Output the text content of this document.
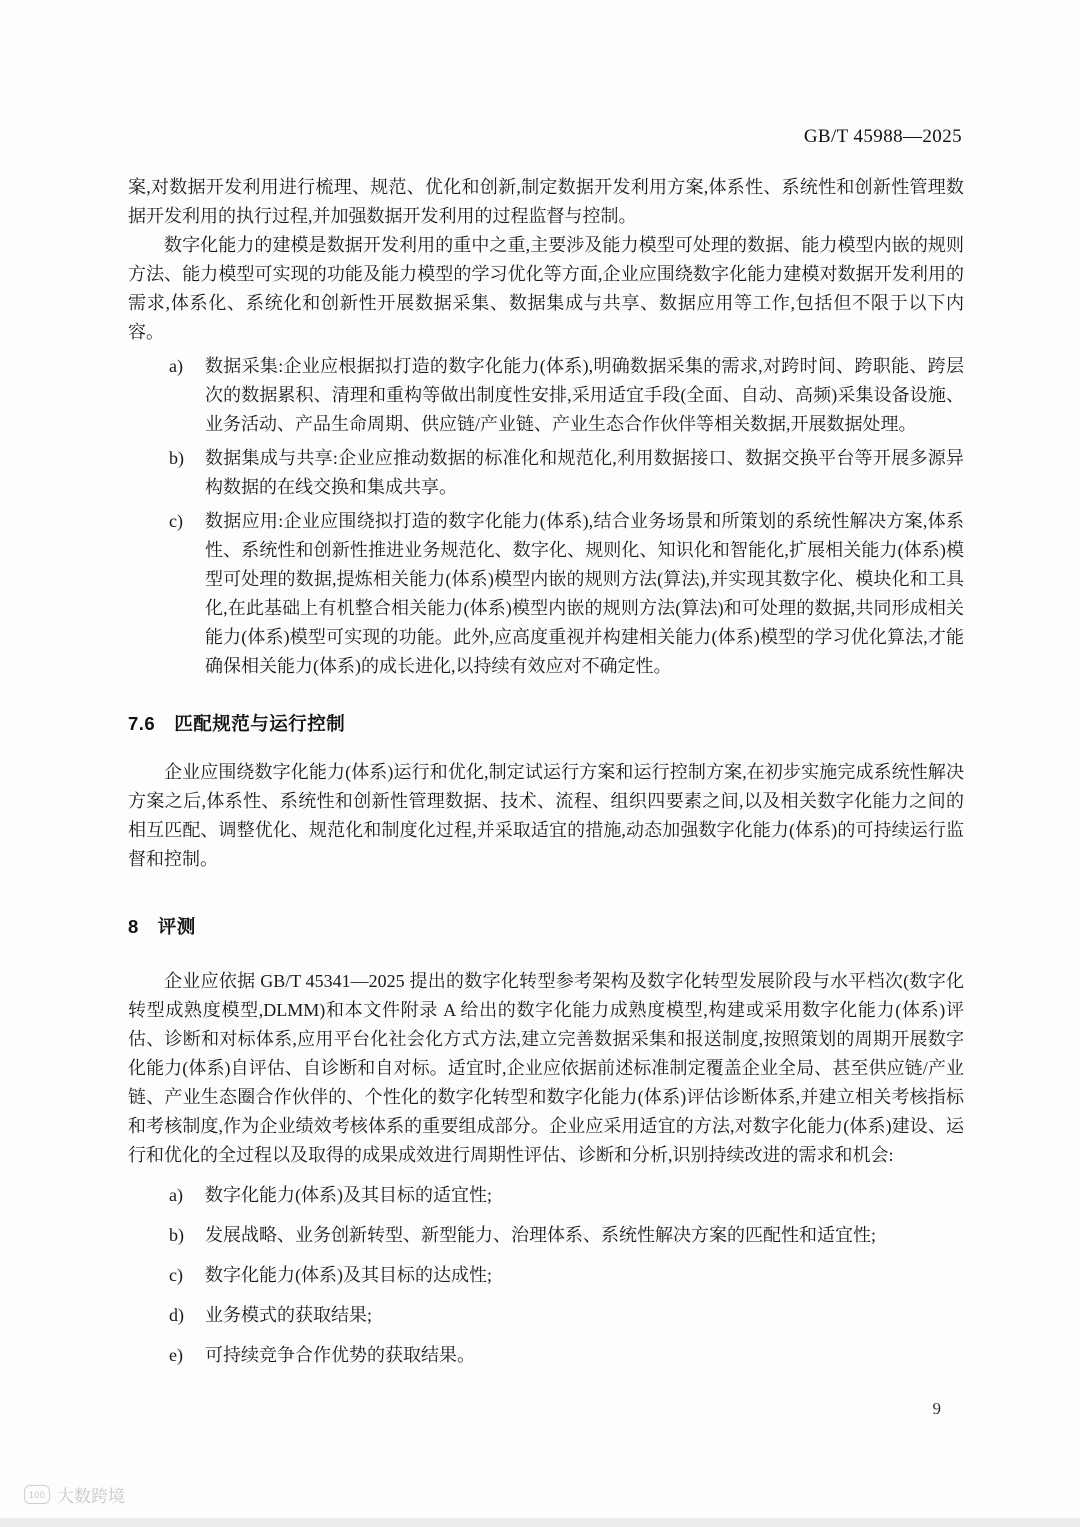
GB/T 45988—2025

案,对数据开发利用进行梳理、规范、优化和创新,制定数据开发利用方案,体系性、系统性和创新性管理数据开发利用的执行过程,并加强数据开发利用的过程监督与控制。

数字化能力的建模是数据开发利用的重中之重,主要涉及能力模型可处理的数据、能力模型内嵌的规则方法、能力模型可实现的功能及能力模型的学习优化等方面,企业应围绕数字化能力建模对数据开发利用的需求,体系化、系统化和创新性开展数据采集、数据集成与共享、数据应用等工作,包括但不限于以下内容。

a)	数据采集:企业应根据拟打造的数字化能力(体系),明确数据采集的需求,对跨时间、跨职能、跨层次的数据累积、清理和重构等做出制度性安排,采用适宜手段(全面、自动、高频)采集设备设施、业务活动、产品生命周期、供应链/产业链、产业生态合作伙伴等相关数据,开展数据处理。
b)	数据集成与共享:企业应推动数据的标准化和规范化,利用数据接口、数据交换平台等开展多源异构数据的在线交换和集成共享。
c)	数据应用:企业应围绕拟打造的数字化能力(体系),结合业务场景和所策划的系统性解决方案,体系性、系统性和创新性推进业务规范化、数字化、规则化、知识化和智能化,扩展相关能力(体系)模型可处理的数据,提炼相关能力(体系)模型内嵌的规则方法(算法),并实现其数字化、模块化和工具化,在此基础上有机整合相关能力(体系)模型内嵌的规则方法(算法)和可处理的数据,共同形成相关能力(体系)模型可实现的功能。此外,应高度重视并构建相关能力(体系)模型的学习优化算法,才能确保相关能力(体系)的成长进化,以持续有效应对不确定性。
7.6 匹配规范与运行控制

企业应围绕数字化能力(体系)运行和优化,制定试运行方案和运行控制方案,在初步实施完成系统性解决方案之后,体系性、系统性和创新性管理数据、技术、流程、组织四要素之间,以及相关数字化能力之间的相互匹配、调整优化、规范化和制度化过程,并采取适宜的措施,动态加强数字化能力(体系)的可持续运行监督和控制。

8 评测

企业应依据 GB/T 45341—2025 提出的数字化转型参考架构及数字化转型发展阶段与水平档次(数字化转型成熟度模型,DLMM)和本文件附录 A 给出的数字化能力成熟度模型,构建或采用数字化能力(体系)评估、诊断和对标体系,应用平台化社会化方式方法,建立完善数据采集和报送制度,按照策划的周期开展数字化能力(体系)自评估、自诊断和自对标。适宜时,企业应依据前述标准制定覆盖企业全局、甚至供应链/产业链、产业生态圈合作伙伴的、个性化的数字化转型和数字化能力(体系)评估诊断体系,并建立相关考核指标和考核制度,作为企业绩效考核体系的重要组成部分。企业应采用适宜的方法,对数字化能力(体系)建设、运行和优化的全过程以及取得的成果成效进行周期性评估、诊断和分析,识别持续改进的需求和机会:

a)	数字化能力(体系)及其目标的适宜性;
b)	发展战略、业务创新转型、新型能力、治理体系、系统性解决方案的匹配性和适宜性;
c)	数字化能力(体系)及其目标的达成性;
d)	业务模式的获取结果;
e)	可持续竞争合作优势的获取结果。
9
100 大数跨境
